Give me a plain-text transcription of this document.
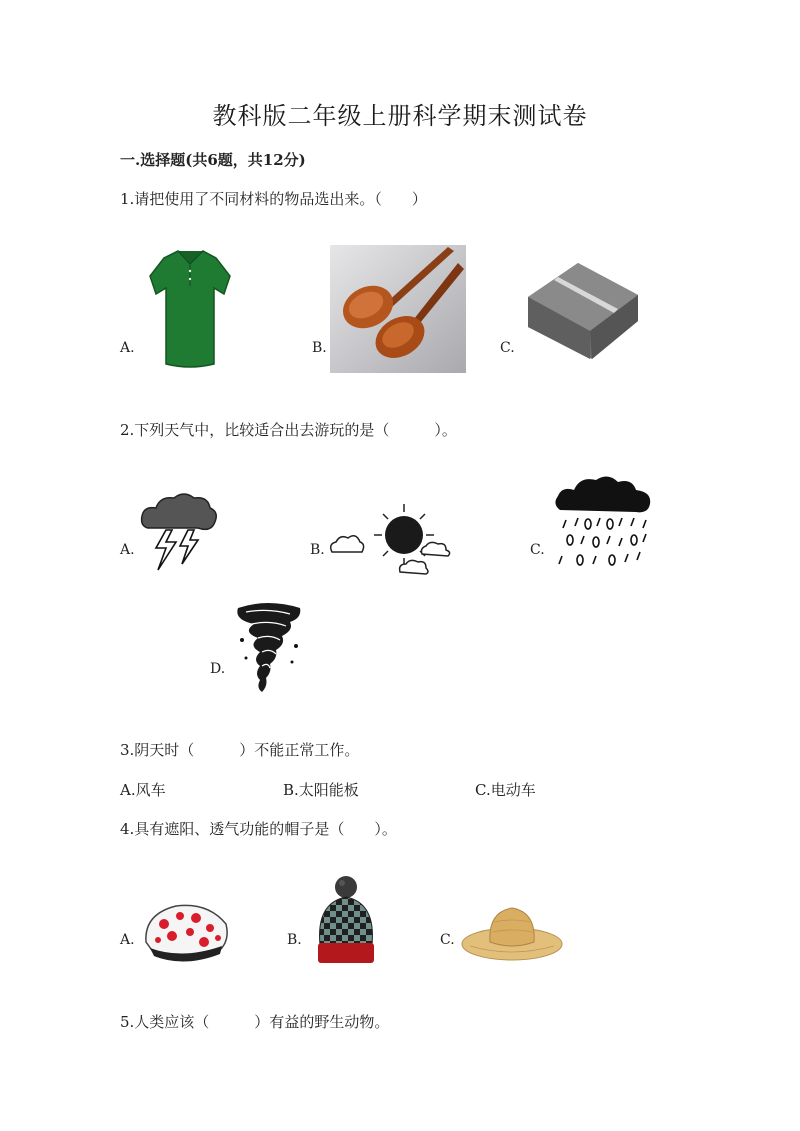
教科版二年级上册科学期末测试卷
一.选择题(共6题，共12分)
1.请把使用了不同材料的物品选出来。（　　）
A.	B.	C.
2.下列天气中，比较适合出去游玩的是（　　　）。
A.	B.	C.
D.
3.阴天时（　　　）不能正常工作。
A.风车	B.太阳能板	C.电动车
4.具有遮阳、透气功能的帽子是（　　）。
A.	B.	C.
5.人类应该（　　　）有益的野生动物。
